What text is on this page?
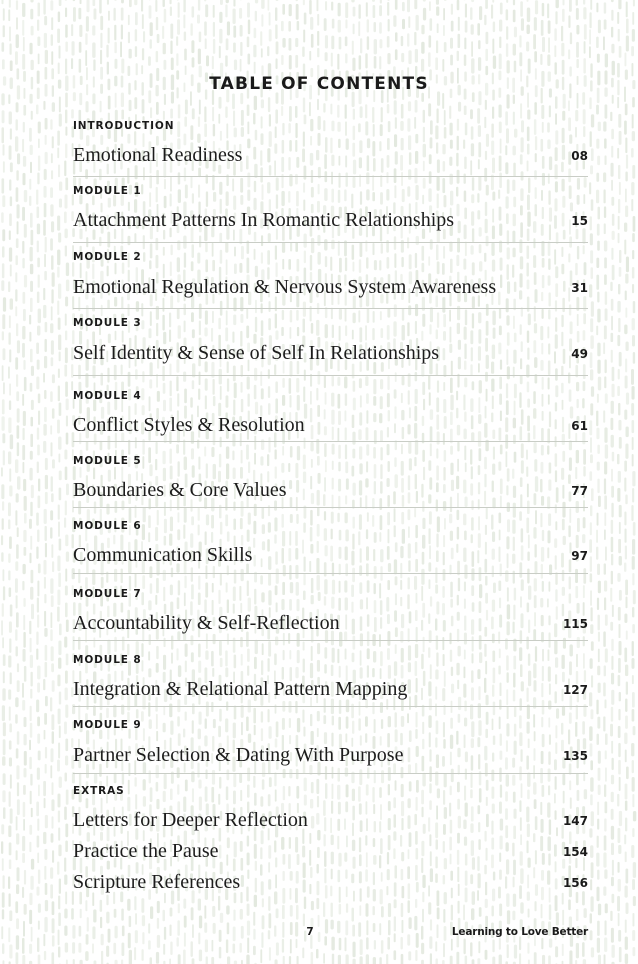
TABLE OF CONTENTS
INTRODUCTION
Emotional Readiness	08
MODULE 1
Attachment Patterns In Romantic Relationships	15
MODULE 2
Emotional Regulation & Nervous System Awareness	31
MODULE 3
Self Identity & Sense of Self In Relationships	49
MODULE 4
Conflict Styles & Resolution	61
MODULE 5
Boundaries & Core Values	77
MODULE 6
Communication Skills	97
MODULE 7
Accountability & Self-Reflection	115
MODULE 8
Integration & Relational Pattern Mapping	127
MODULE 9
Partner Selection & Dating With Purpose	135
EXTRAS
Letters for Deeper Reflection	147
Practice the Pause	154
Scripture References	156
7	Learning to Love Better
